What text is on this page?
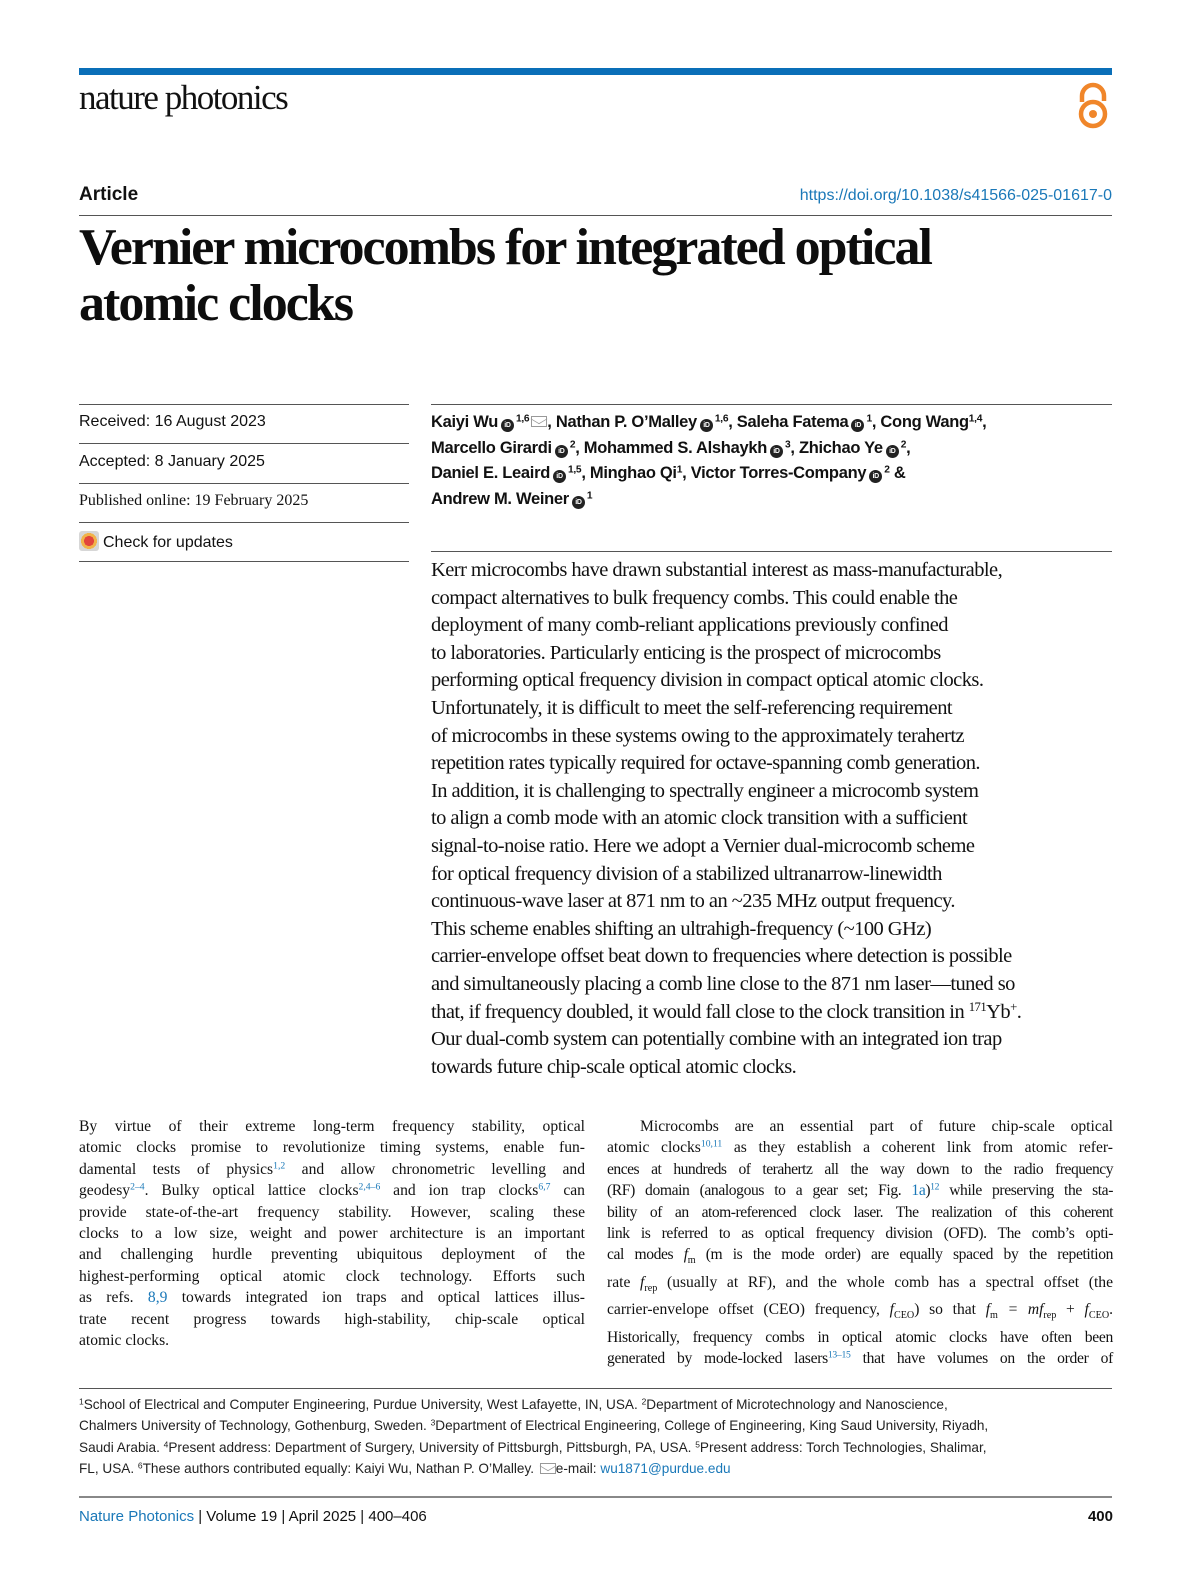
nature photonics
Article	https://doi.org/10.1038/s41566-025-01617-0
Vernier microcombs for integrated optical
atomic clocks
Received: 16 August 2023
Accepted: 8 January 2025
Published online: 19 February 2025
Check for updates
Kaiyi Wu iD$^{1,6}$ , Nathan P. O’Malley iD$^{1,6}$, Saleha Fatema $iD^1$, Cong Wang$^{1,4}$,
Marcello Girardi $iD^2$, Mohammed S. Alshaykh $iD^3$, Zhichao Ye $iD^2$,
Daniel E. Leaird iD$^{1,5}$, Minghao Qi$^1$, Victor Torres-Company $iD^2$ &
Andrew M. Weiner $iD^1$

Kerr microcombs have drawn substantial interest as mass-manufacturable,

compact alternatives to bulk frequency combs. This could enable the

deployment of many comb-reliant applications previously confined

to laboratories. Particularly enticing is the prospect of microcombs

performing optical frequency division in compact optical atomic clocks.

Unfortunately, it is difficult to meet the self-referencing requirement

of microcombs in these systems owing to the approximately terahertz

repetition rates typically required for octave-spanning comb generation.

In addition, it is challenging to spectrally engineer a microcomb system

to align a comb mode with an atomic clock transition with a sufficient

signal-to-noise ratio. Here we adopt a Vernier dual-microcomb scheme

for optical frequency division of a stabilized ultranarrow-linewidth

continuous-wave laser at 871 nm to an ~235 MHz output frequency.

This scheme enables shifting an ultrahigh-frequency (~100 GHz)

carrier-envelope offset beat down to frequencies where detection is possible

and simultaneously placing a comb line close to the 871 nm laser—tuned so

that, if frequency doubled, it would fall close to the clock transition in $^{171}$Yb+.

Our dual-comb system can potentially combine with an integrated ion trap

towards future chip-scale optical atomic clocks.

By virtue of their extreme long-term frequency stability, optical

atomic clocks promise to revolutionize timing systems, enable fun-

damental tests of physics$^{1,2}$ and allow chronometric levelling and

geodesy$^{2-4}$. Bulky optical lattice clocks$^{2,4-6}$ and ion trap clocks$^{6,7}$ can

provide state-of-the-art frequency stability. However, scaling these

clocks to a low size, weight and power architecture is an important

and challenging hurdle preventing ubiquitous deployment of the

highest-performing optical atomic clock technology. Efforts such

as refs. 8,9 towards integrated ion traps and optical lattices illus-

trate recent progress towards high-stability, chip-scale optical

atomic clocks.

Microcombs are an essential part of future chip-scale optical

atomic clocks$^{10,11}$ as they establish a coherent link from atomic refer-

ences at hundreds of terahertz all the way down to the radio frequency

(RF) domain (analogous to a gear set; Fig. 1a)$^{12}$ while preserving the sta-

bility of an atom-referenced clock laser. The realization of this coherent

link is referred to as optical frequency division (OFD). The comb’s opti-

cal modes $f_m$ (m is the mode order) are equally spaced by the repetition

rate $f_{rep}$ (usually at RF), and the whole comb has a spectral offset (the

carrier-envelope offset (CEO) frequency, $f_{CEO}$) so that $f_m = mf_{rep} + f_{CEO}$.

Historically, frequency combs in optical atomic clocks have often been

generated by mode-locked lasers$^{13-15}$ that have volumes on the order of

$^1$School of Electrical and Computer Engineering, Purdue University, West Lafayette, IN, USA. $^2$Department of Microtechnology and Nanoscience,

Chalmers University of Technology, Gothenburg, Sweden. $^3$Department of Electrical Engineering, College of Engineering, King Saud University, Riyadh,

Saudi Arabia. $^4$Present address: Department of Surgery, University of Pittsburgh, Pittsburgh, PA, USA. $^5$Present address: Torch Technologies, Shalimar,

FL, USA. $^6$These authors contributed equally: Kaiyi Wu, Nathan P. O’Malley. e-mail: wu1871@purdue.edu

Nature Photonics | Volume 19 | April 2025 | 400–406	400
